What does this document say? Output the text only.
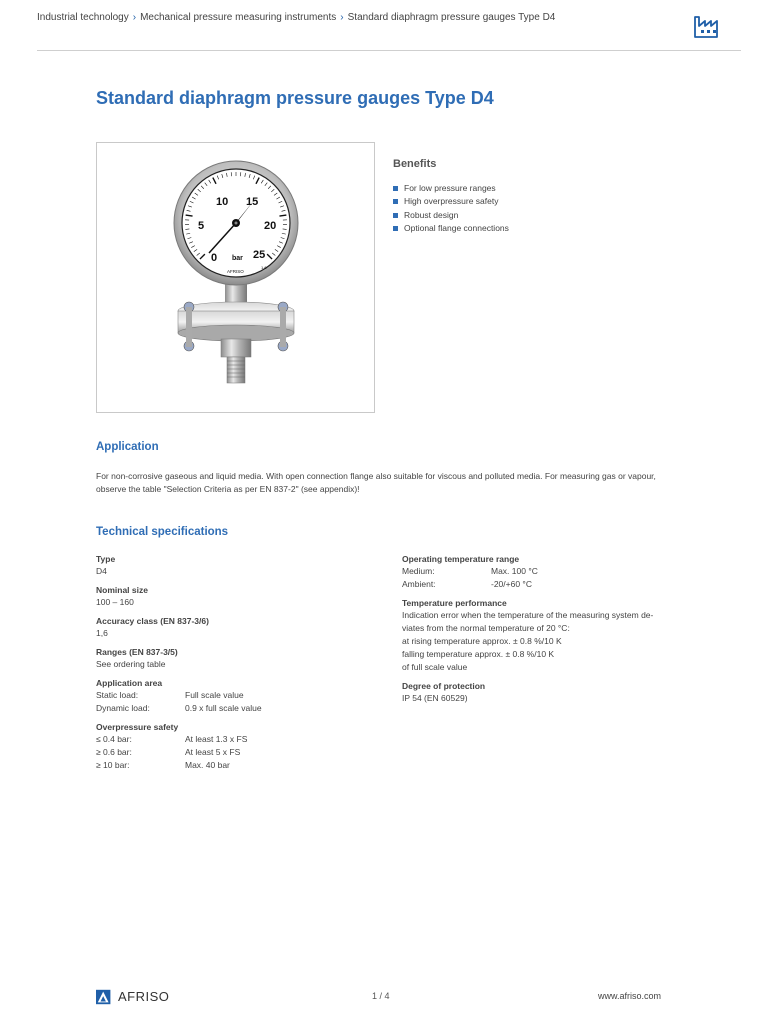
Industrial technology › Mechanical pressure measuring instruments › Standard diaphragm pressure gauges Type D4
Standard diaphragm pressure gauges Type D4
0
5
10 15
20
25
bar
1.6
AFRISO
Benefits
For low pressure ranges
High overpressure safety
Robust design
Optional flange connections
Application

For non-corrosive gaseous and liquid media. With open connection flange also suitable for viscous and polluted media. For measuring gas or vapour, observe the table "Selection Criteria as per EN 837-2" (see appendix)!

Technical specifications
Type
D4
Nominal size
100 – 160
Accuracy class (EN 837-3/6)
1,6
Ranges (EN 837-3/5)
See ordering table
Application area
Static load:	Full scale value
Dynamic load:	0.9 x full scale value
Overpressure safety
≤ 0.4 bar:	At least 1.3 x FS
≥ 0.6 bar:	At least 5 x FS
≥ 10 bar:	Max. 40 bar
Operating temperature range
Medium:	Max. 100 °C
Ambient:	-20/+60 °C
Temperature performance
Indication error when the temperature of the measuring system de-
viates from the normal temperature of 20 °C:
at rising temperature approx. ± 0.8 %/10 K
falling temperature approx. ± 0.8 %/10 K
of full scale value
Degree of protection
IP 54 (EN 60529)
AFRISO	1 / 4	www.afriso.com
